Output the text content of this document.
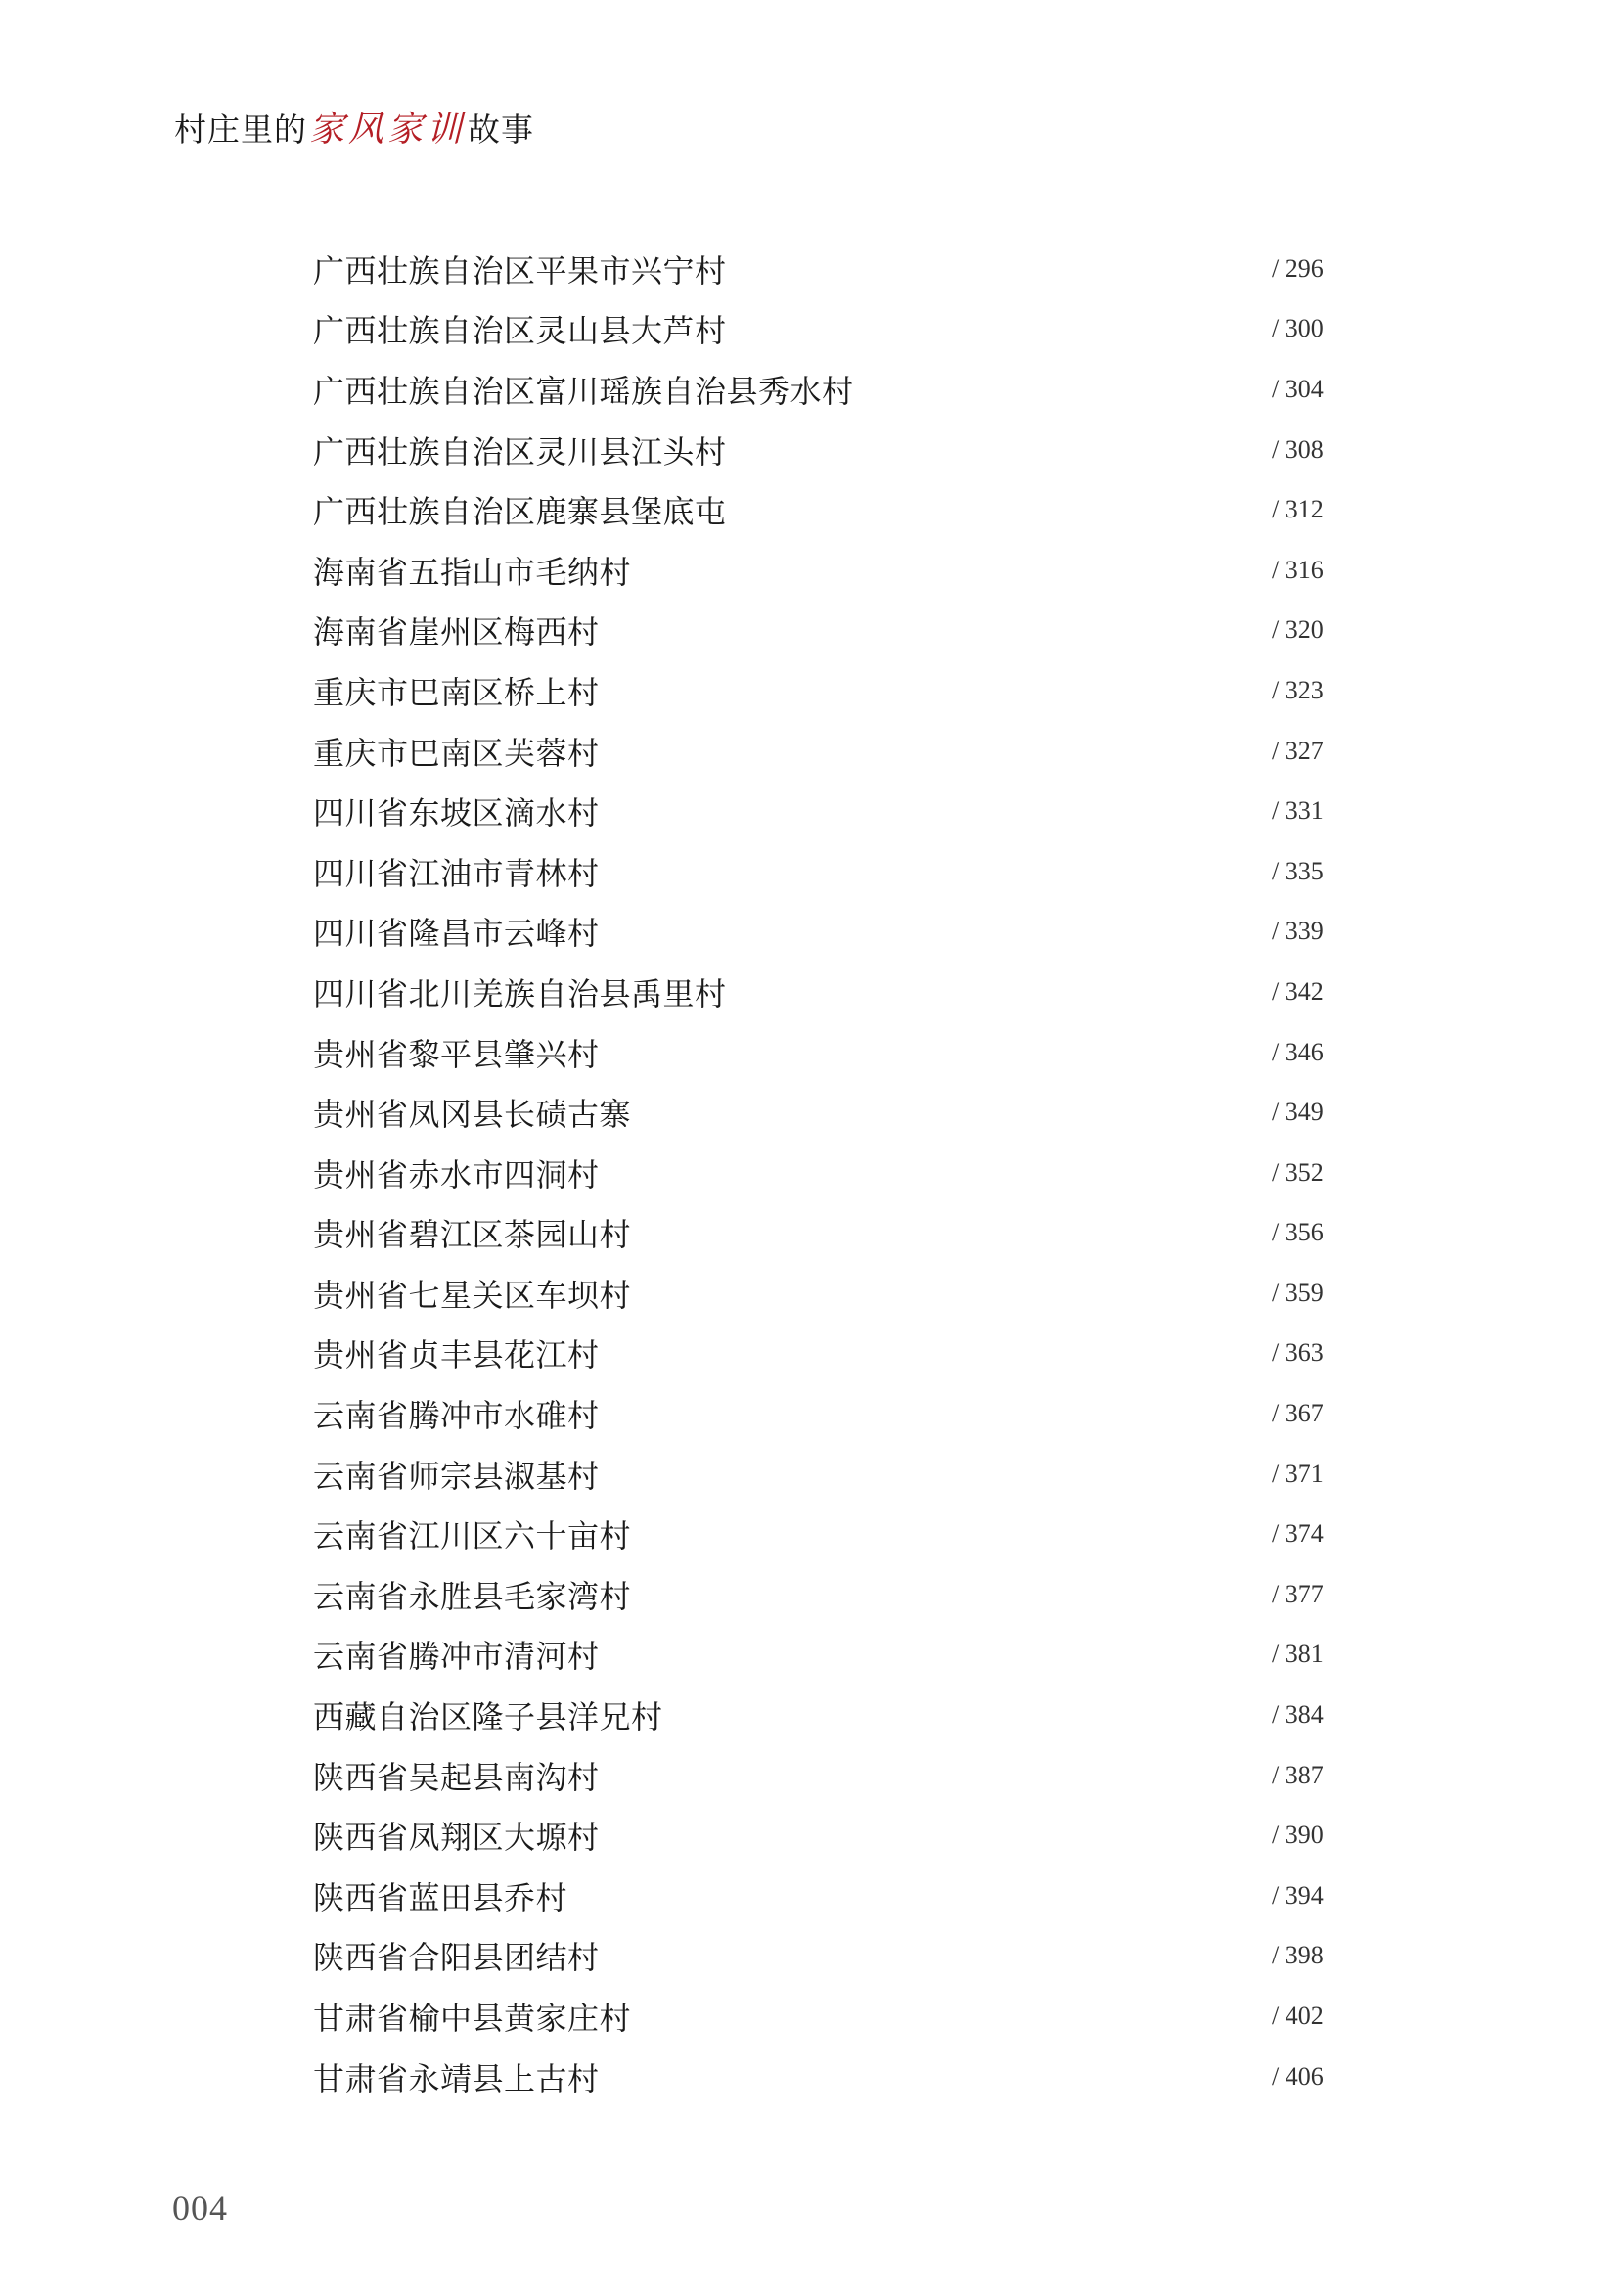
村庄里的 家风家训 故事
广西壮族自治区平果市兴宁村	/ 296
广西壮族自治区灵山县大芦村	/ 300
广西壮族自治区富川瑶族自治县秀水村	/ 304
广西壮族自治区灵川县江头村	/ 308
广西壮族自治区鹿寨县堡底屯	/ 312
海南省五指山市毛纳村	/ 316
海南省崖州区梅西村	/ 320
重庆市巴南区桥上村	/ 323
重庆市巴南区芙蓉村	/ 327
四川省东坡区滴水村	/ 331
四川省江油市青林村	/ 335
四川省隆昌市云峰村	/ 339
四川省北川羌族自治县禹里村	/ 342
贵州省黎平县肇兴村	/ 346
贵州省凤冈县长碛古寨	/ 349
贵州省赤水市四洞村	/ 352
贵州省碧江区茶园山村	/ 356
贵州省七星关区车坝村	/ 359
贵州省贞丰县花江村	/ 363
云南省腾冲市水碓村	/ 367
云南省师宗县淑基村	/ 371
云南省江川区六十亩村	/ 374
云南省永胜县毛家湾村	/ 377
云南省腾冲市清河村	/ 381
西藏自治区隆子县洋兄村	/ 384
陕西省吴起县南沟村	/ 387
陕西省凤翔区大塬村	/ 390
陕西省蓝田县乔村	/ 394
陕西省合阳县团结村	/ 398
甘肃省榆中县黄家庄村	/ 402
甘肃省永靖县上古村	/ 406
004
